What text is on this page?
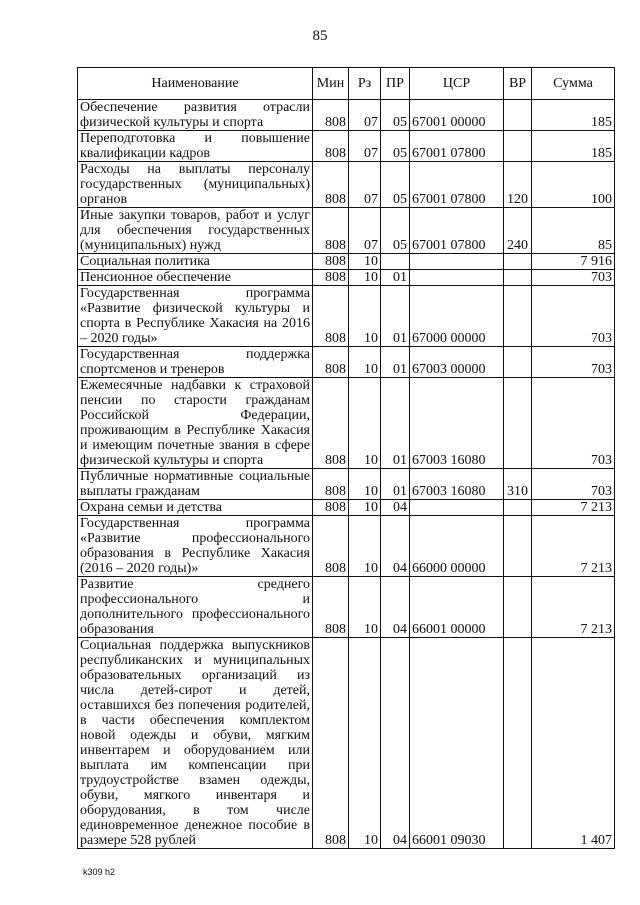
85
Наименование	Мин	Рз	ПР	ЦСР	ВР	Сумма
Обеспечение развития отрасли физической культуры и спорта	808	07	05	67001 00000		185
Переподготовка и повышение квалификации кадров	808	07	05	67001 07800		185
Расходы на выплаты персоналу государственных (муниципальных) органов	808	07	05	67001 07800	120	100
Иные закупки товаров, работ и услуг для обеспечения государственных (муниципальных) нужд	808	07	05	67001 07800	240	85
Социальная политика	808	10				7 916
Пенсионное обеспечение	808	10	01			703
Государственная программа «Развитие физической культуры и спорта в Республике Хакасия на 2016 – 2020 годы»	808	10	01	67000 00000		703
Государственная поддержка спортсменов и тренеров	808	10	01	67003 00000		703
Ежемесячные надбавки к страховой пенсии по старости гражданам Российской Федерации, проживающим в Республике Хакасия и имеющим почетные звания в сфере физической культуры и спорта	808	10	01	67003 16080		703
Публичные нормативные социальные выплаты гражданам	808	10	01	67003 16080	310	703
Охрана семьи и детства	808	10	04			7 213
Государственная программа «Развитие профессионального образования в Республике Хакасия (2016 – 2020 годы)»	808	10	04	66000 00000		7 213
Развитие среднего профессионального и дополнительного профессионального образования	808	10	04	66001 00000		7 213
Социальная поддержка выпускников республиканских и муниципальных образовательных организаций из числа детей-сирот и детей, оставшихся без попечения родителей, в части обеспечения комплектом новой одежды и обуви, мягким инвентарем и оборудованием или выплата им компенсации при трудоустройстве взамен одежды, обуви, мягкого инвентаря и оборудования, в том числе единовременное денежное пособие в размере 528 рублей	808	10	04	66001 09030		1 407
k309 h2
